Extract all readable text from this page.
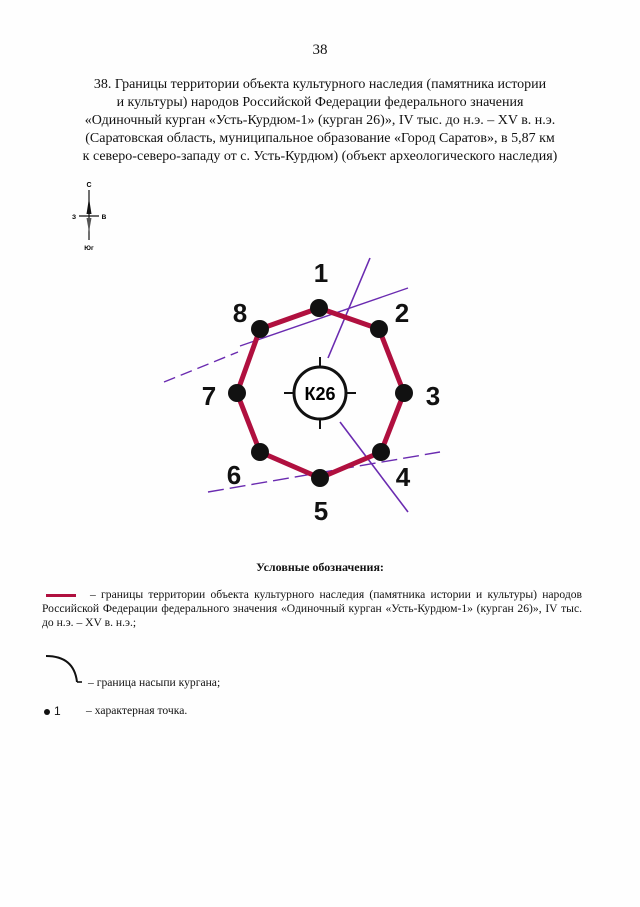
38
38. Границы территории объекта культурного наследия (памятника истории
и культуры) народов Российской Федерации федерального значения
«Одиночный курган «Усть-Курдюм-1» (курган 26)», IV тыс. до н.э. – XV в. н.э.
(Саратовская область, муниципальное образование «Город Саратов», в 5,87 км
к северо-северо-западу от с. Усть-Курдюм) (объект археологического наследия)
С
З	В
Юг
К26
1
2
3
4
5
6
7
8
Условные обозначения:
– границы территории объекта культурного наследия (памятника истории и культуры) народов Российской Федерации федерального значения «Одиночный курган «Усть-Курдюм-1» (курган 26)», IV тыс. до н.э. – XV в. н.э.;
– граница насыпи кургана;
1 – характерная точка.
